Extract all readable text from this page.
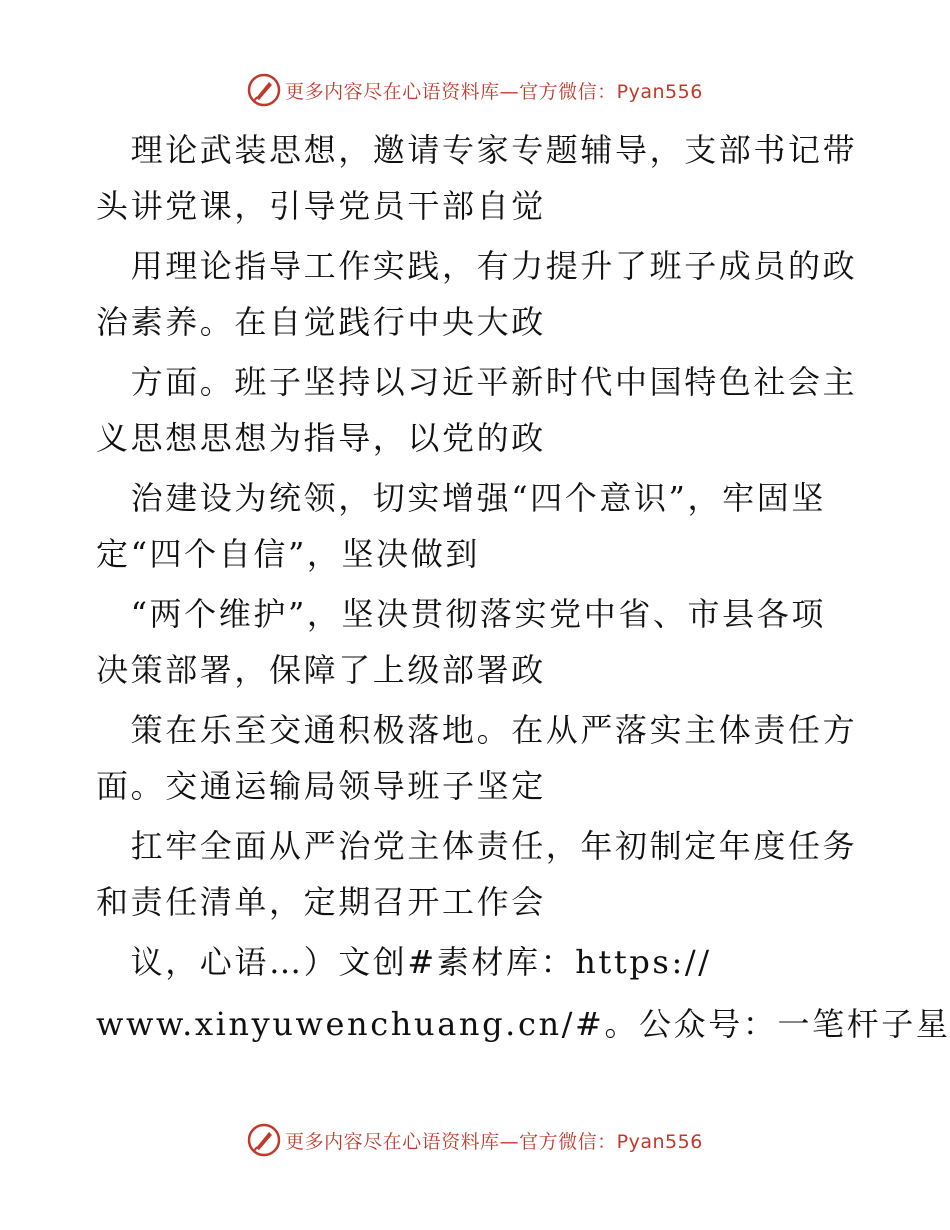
更多内容尽在心语资料库—官方微信：Pyan556
　理论武装思想，邀请专家专题辅导，支部书记带
头讲党课，引导党员干部自觉
　用理论指导工作实践，有力提升了班子成员的政
治素养。在自觉践行中央大政
　方面。班子坚持以习近平新时代中国特色社会主
义思想思想为指导，以党的政
　治建设为统领，切实增强“四个意识”，牢固坚
定“四个自信”，坚决做到
　“两个维护”，坚决贯彻落实党中省、市县各项
决策部署，保障了上级部署政
　策在乐至交通积极落地。在从严落实主体责任方
面。交通运输局领导班子坚定
　扛牢全面从严治党主体责任，年初制定年度任务
和责任清单，定期召开工作会
　议，心语…）文创#素材库：https://
www.xinyuwenchuang.cn/#。公众号：一笔杆子星
更多内容尽在心语资料库—官方微信：Pyan556
